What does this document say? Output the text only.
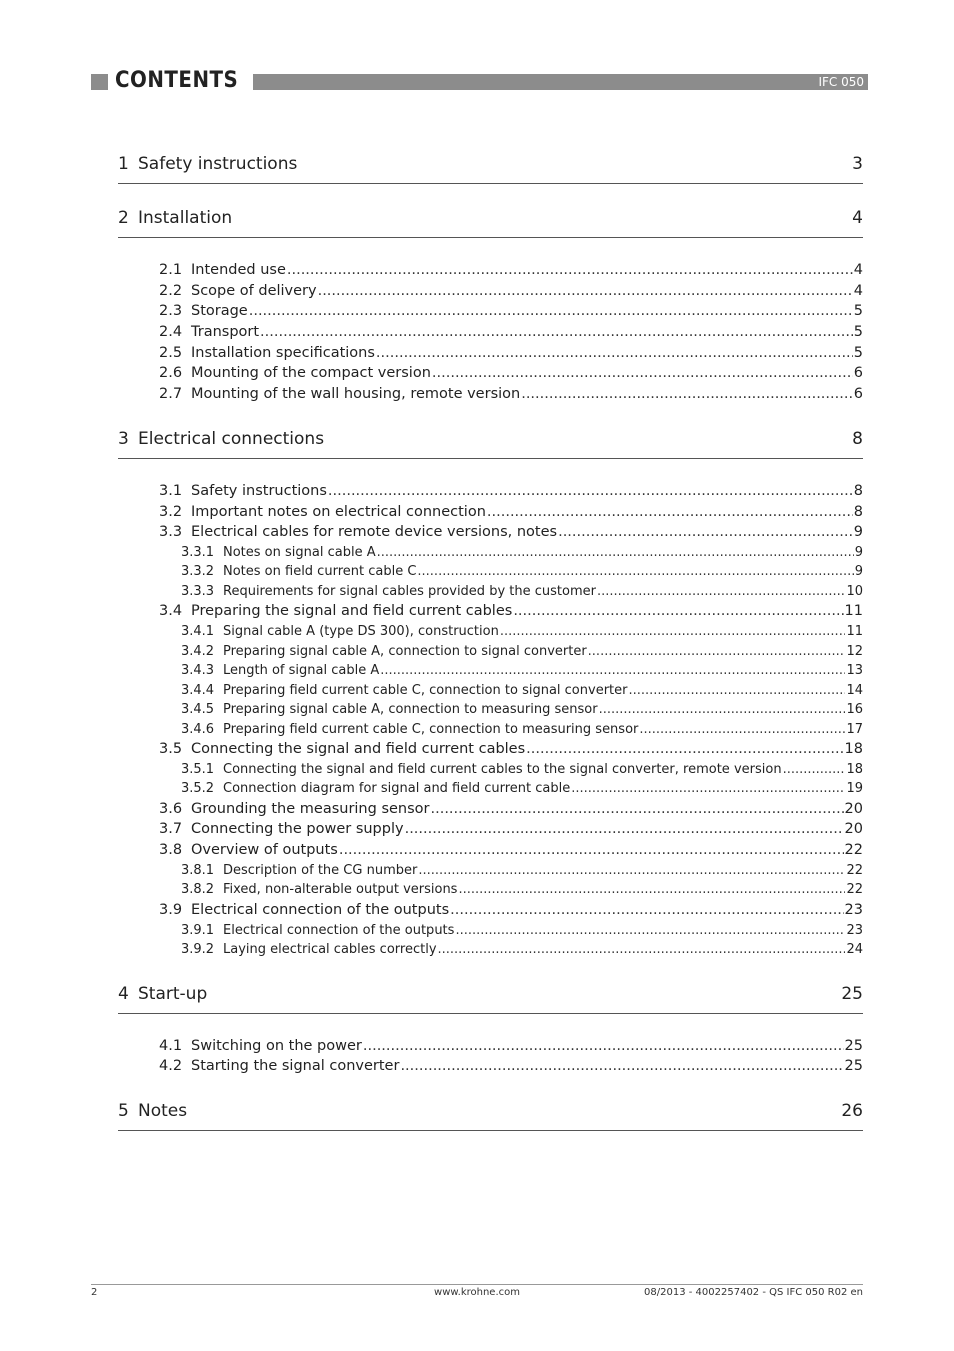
CONTENTS	IFC 050
1 Safety instructions	3
2 Installation	4
2.1 Intended use .....	4
2.2 Scope of delivery .....	4
2.3 Storage .....	5
2.4 Transport .....	5
2.5 Installation specifications .....	5
2.6 Mounting of the compact version .....	6
2.7 Mounting of the wall housing, remote version .....	6
3 Electrical connections	8
3.1 Safety instructions .....	8
3.2 Important notes on electrical connection .....	8
3.3 Electrical cables for remote device versions, notes .....	9
3.3.1 Notes on signal cable A .....	9
3.3.2 Notes on field current cable C .....	9
3.3.3 Requirements for signal cables provided by the customer .....	10
3.4 Preparing the signal and field current cables .....	11
3.4.1 Signal cable A (type DS 300), construction .....	11
3.4.2 Preparing signal cable A, connection to signal converter .....	12
3.4.3 Length of signal cable A .....	13
3.4.4 Preparing field current cable C, connection to signal converter .....	14
3.4.5 Preparing signal cable A, connection to measuring sensor .....	16
3.4.6 Preparing field current cable C, connection to measuring sensor .....	17
3.5 Connecting the signal and field current cables .....	18
3.5.1 Connecting the signal and field current cables to the signal converter, remote version .....	18
3.5.2 Connection diagram for signal and field current cable .....	19
3.6 Grounding the measuring sensor .....	20
3.7 Connecting the power supply .....	20
3.8 Overview of outputs .....	22
3.8.1 Description of the CG number .....	22
3.8.2 Fixed, non-alterable output versions .....	22
3.9 Electrical connection of the outputs .....	23
3.9.1 Electrical connection of the outputs .....	23
3.9.2 Laying electrical cables correctly .....	24
4 Start-up	25
4.1 Switching on the power .....	25
4.2 Starting the signal converter .....	25
5 Notes	26
2	www.krohne.com	08/2013 - 4002257402 - QS IFC 050 R02 en
